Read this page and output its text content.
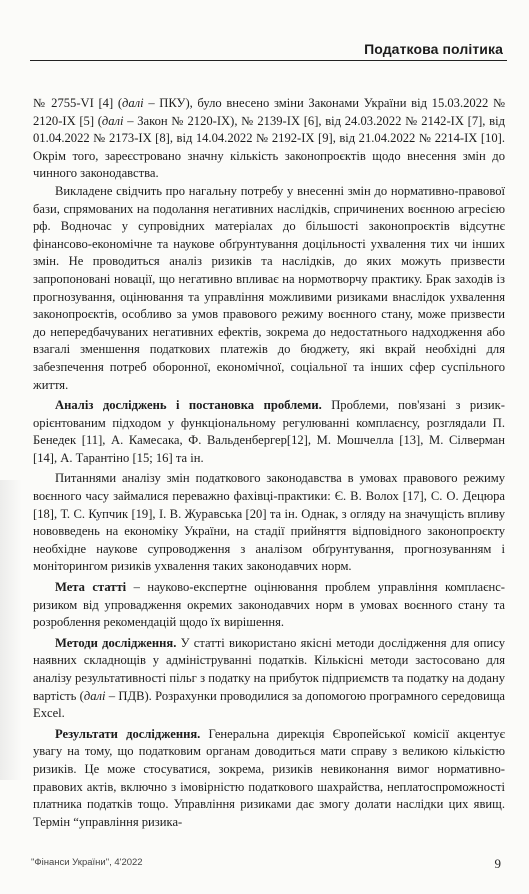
Податкова політика

№ 2755-VI [4] (далі – ПКУ), було внесено зміни Законами України від 15.03.2022 № 2120-IX [5] (далі – Закон № 2120-IX), № 2139-IX [6], від 24.03.2022 № 2142-IX [7], від 01.04.2022 № 2173-IX [8], від 14.04.2022 № 2192-IX [9], від 21.04.2022 № 2214-IX [10]. Окрім того, зареєстровано значну кількість законопроєктів щодо внесення змін до чинного законодавства.

Викладене свідчить про нагальну потребу у внесенні змін до нормативно-правової бази, спрямованих на подолання негативних наслідків, спричинених воєнною агресією рф. Водночас у супровідних матеріалах до більшості законопроєктів відсутнє фінансово-економічне та наукове обґрунтування доцільності ухвалення тих чи інших змін. Не проводиться аналіз ризиків та наслідків, до яких можуть призвести запропоновані новації, що негативно впливає на нормотворчу практику. Брак заходів із прогнозування, оцінювання та управління можливими ризиками внаслідок ухвалення законопроєктів, особливо за умов правового режиму воєнного стану, може призвести до непередбачуваних негативних ефектів, зокрема до недостатнього надходження або взагалі зменшення податкових платежів до бюджету, які вкрай необхідні для забезпечення потреб оборонної, економічної, соціальної та інших сфер суспільного життя.

Аналіз досліджень і постановка проблеми. Проблеми, пов'язані з ризик-орієнтованим підходом у функціональному регулюванні комплаєнсу, розглядали П. Бенедек [11], А. Камесака, Ф. Вальденбергер[12], М. Мошчелла [13], М. Сілверман [14], А. Тарантіно [15; 16] та ін.

Питаннями аналізу змін податкового законодавства в умовах правового режиму воєнного часу займалися переважно фахівці-практики: Є. В. Волох [17], С. О. Децюра [18], Т. С. Купчик [19], І. В. Журавська [20] та ін. Однак, з огляду на значущість впливу нововведень на економіку України, на стадії прийняття відповідного законопроєкту необхідне наукове супроводження з аналізом обґрунтування, прогнозуванням і моніторингом ризиків ухвалення таких законодавчих норм.

Мета статті – науково-експертне оцінювання проблем управління комплаєнс-ризиком від упровадження окремих законодавчих норм в умовах воєнного стану та розроблення рекомендацій щодо їх вирішення.

Методи дослідження. У статті використано якісні методи дослідження для опису наявних складнощів у адмініструванні податків. Кількісні методи застосовано для аналізу результативності пільг з податку на прибуток підприємств та податку на додану вартість (далі – ПДВ). Розрахунки проводилися за допомогою програмного середовища Excel.

Результати дослідження. Генеральна дирекція Європейської комісії акцентує увагу на тому, що податковим органам доводиться мати справу з великою кількістю ризиків. Це може стосуватися, зокрема, ризиків невиконання вимог нормативно-правових актів, включно з імовірністю податкового шахрайства, неплатоспроможності платника податків тощо. Управління ризиками дає змогу долати наслідки цих явищ. Термін “управління ризика-

"Фінанси України", 4'2022	9
